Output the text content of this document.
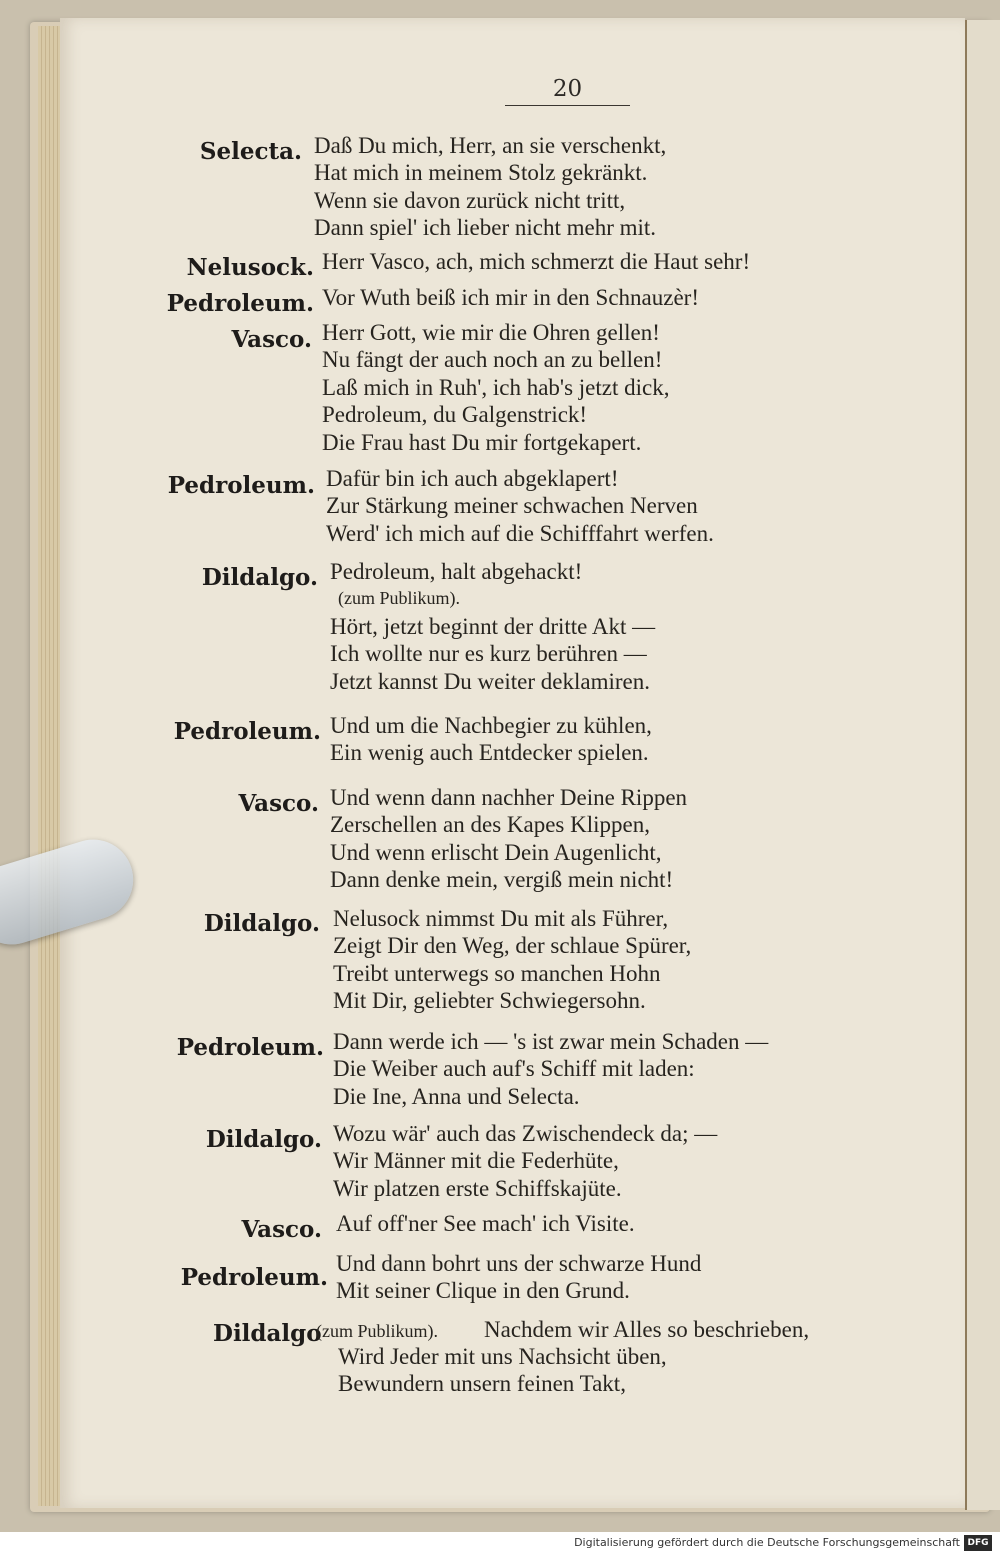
20
Selecta. Daß Du mich, Herr, an sie verschenkt,
Hat mich in meinem Stolz gekränkt.
Wenn sie davon zurück nicht tritt,
Dann spiel' ich lieber nicht mehr mit.
Nelusock. Herr Vasco, ach, mich schmerzt die Haut sehr!
Pedroleum. Vor Wuth beiß ich mir in den Schnauzèr!
Vasco. Herr Gott, wie mir die Ohren gellen!
Nu fängt der auch noch an zu bellen!
Laß mich in Ruh', ich hab's jetzt dick,
Pedroleum, du Galgenstrick!
Die Frau hast Du mir fortgekapert.
Pedroleum. Dafür bin ich auch abgeklapert!
Zur Stärkung meiner schwachen Nerven
Werd' ich mich auf die Schifffahrt werfen.
Dildalgo. Pedroleum, halt abgehackt!
(zum Publikum).
Hört, jetzt beginnt der dritte Akt —
Ich wollte nur es kurz berühren —
Jetzt kannst Du weiter deklamiren.
Pedroleum. Und um die Nachbegier zu kühlen,
Ein wenig auch Entdecker spielen.
Vasco. Und wenn dann nachher Deine Rippen
Zerschellen an des Kapes Klippen,
Und wenn erlischt Dein Augenlicht,
Dann denke mein, vergiß mein nicht!
Dildalgo. Nelusock nimmst Du mit als Führer,
Zeigt Dir den Weg, der schlaue Spürer,
Treibt unterwegs so manchen Hohn
Mit Dir, geliebter Schwiegersohn.
Pedroleum. Dann werde ich — 's ist zwar mein Schaden —
Die Weiber auch auf's Schiff mit laden:
Die Ine, Anna und Selecta.
Dildalgo. Wozu wär' auch das Zwischendeck da; —
Wir Männer mit die Federhüte,
Wir platzen erste Schiffskajüte.
Vasco. Auf off'ner See mach' ich Visite.
Pedroleum.
Und dann bohrt uns der schwarze Hund
Mit seiner Clique in den Grund.
Dildalgo
(zum Publikum). Nachdem wir Alles so beschrieben,
Wird Jeder mit uns Nachsicht üben,
Bewundern unsern feinen Takt,
Digitalisierung gefördert durch die Deutsche Forschungsgemeinschaft DFG
